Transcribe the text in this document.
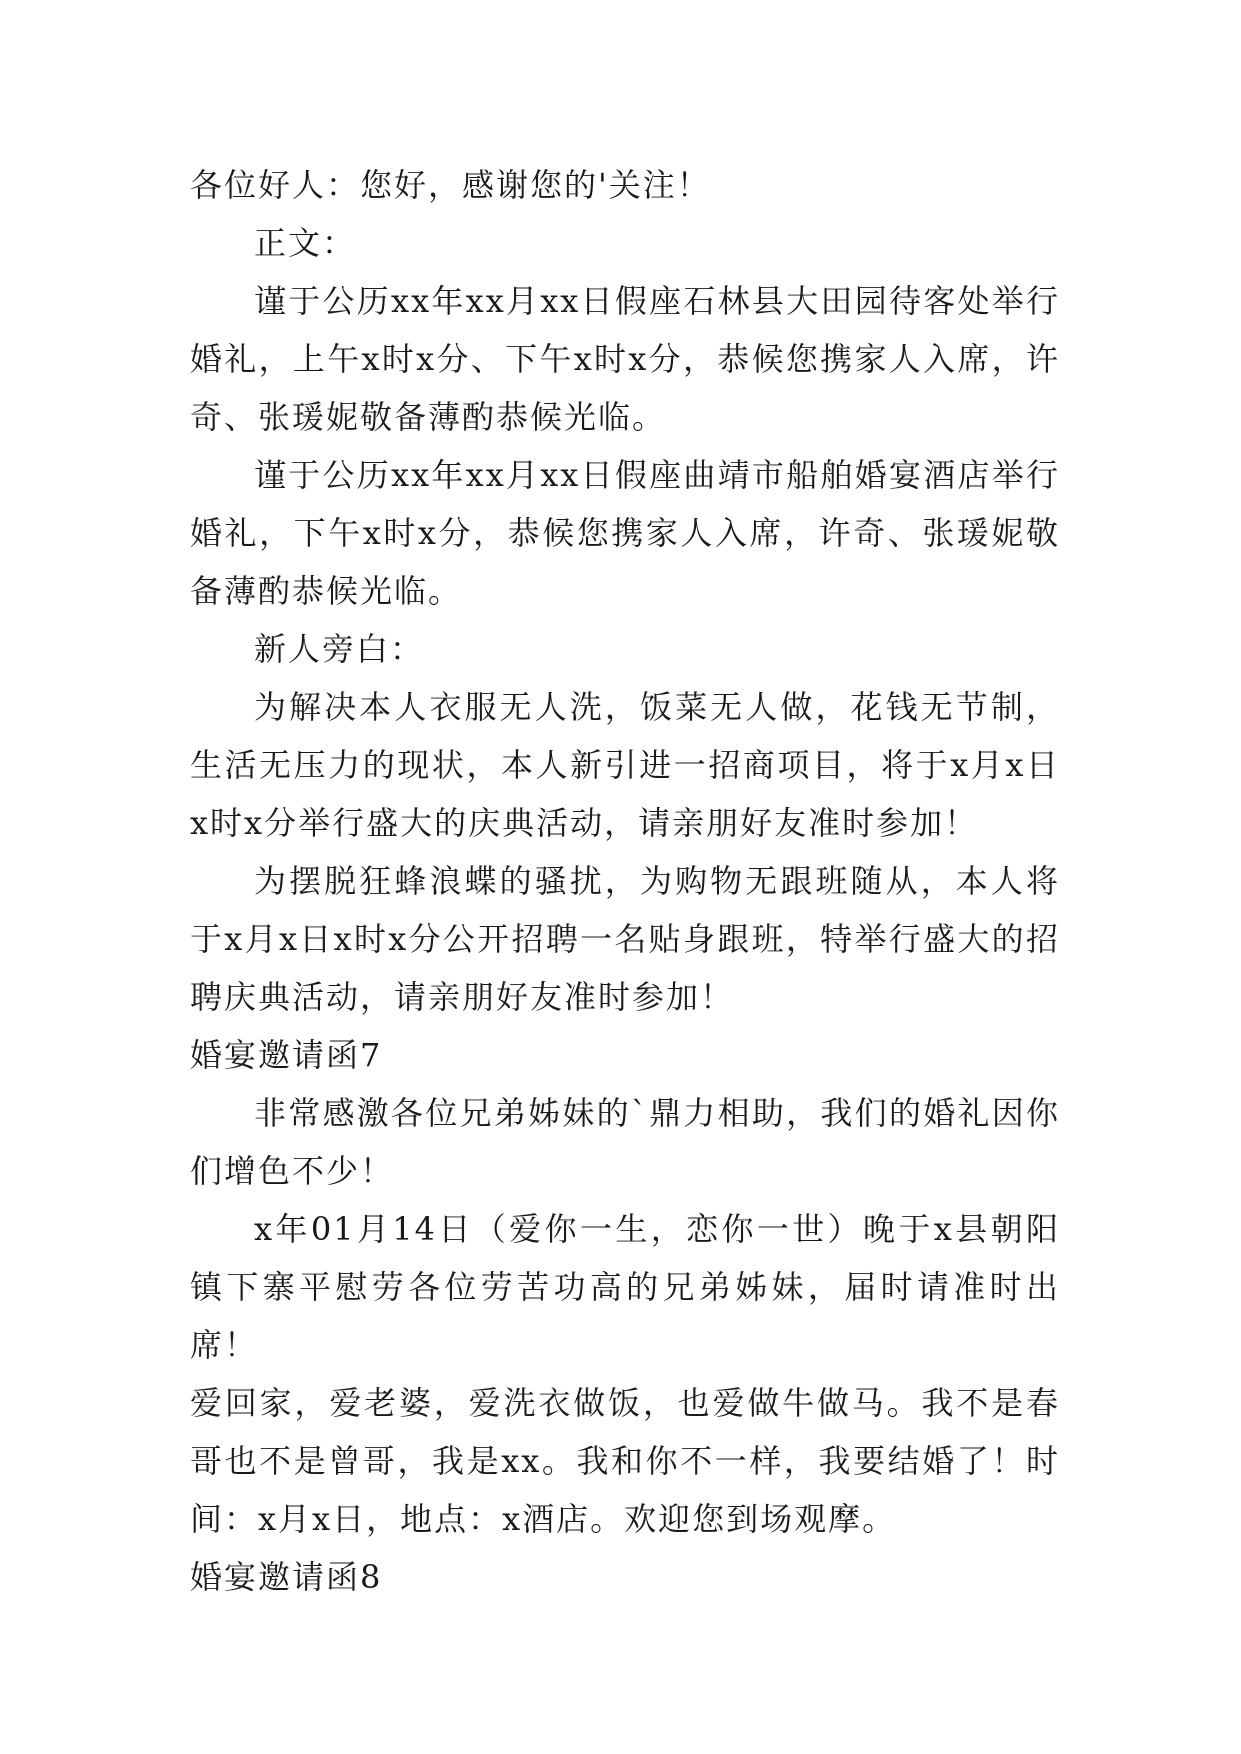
各位好人：您好，感谢您的'关注！

正文：

谨于公历xx年xx月xx日假座石林县大田园待客处举行婚礼，上午x时x分、下午x时x分，恭候您携家人入席，许奇、张瑗妮敬备薄酌恭候光临。

谨于公历xx年xx月xx日假座曲靖市船舶婚宴酒店举行婚礼，下午x时x分，恭候您携家人入席，许奇、张瑗妮敬备薄酌恭候光临。

新人旁白：

为解决本人衣服无人洗，饭菜无人做，花钱无节制，生活无压力的现状，本人新引进一招商项目，将于x月x日x时x分举行盛大的庆典活动，请亲朋好友准时参加！

为摆脱狂蜂浪蝶的骚扰，为购物无跟班随从，本人将于x月x日x时x分公开招聘一名贴身跟班，特举行盛大的招聘庆典活动，请亲朋好友准时参加！

婚宴邀请函7

非常感激各位兄弟姊妹的`鼎力相助，我们的婚礼因你们增色不少！

x年01月14日（爱你一生，恋你一世）晚于x县朝阳镇下寨平慰劳各位劳苦功高的兄弟姊妹，届时请准时出席！

爱回家，爱老婆，爱洗衣做饭，也爱做牛做马。我不是春哥也不是曾哥，我是xx。我和你不一样，我要结婚了！时间：x月x日，地点：x酒店。欢迎您到场观摩。

婚宴邀请函8
